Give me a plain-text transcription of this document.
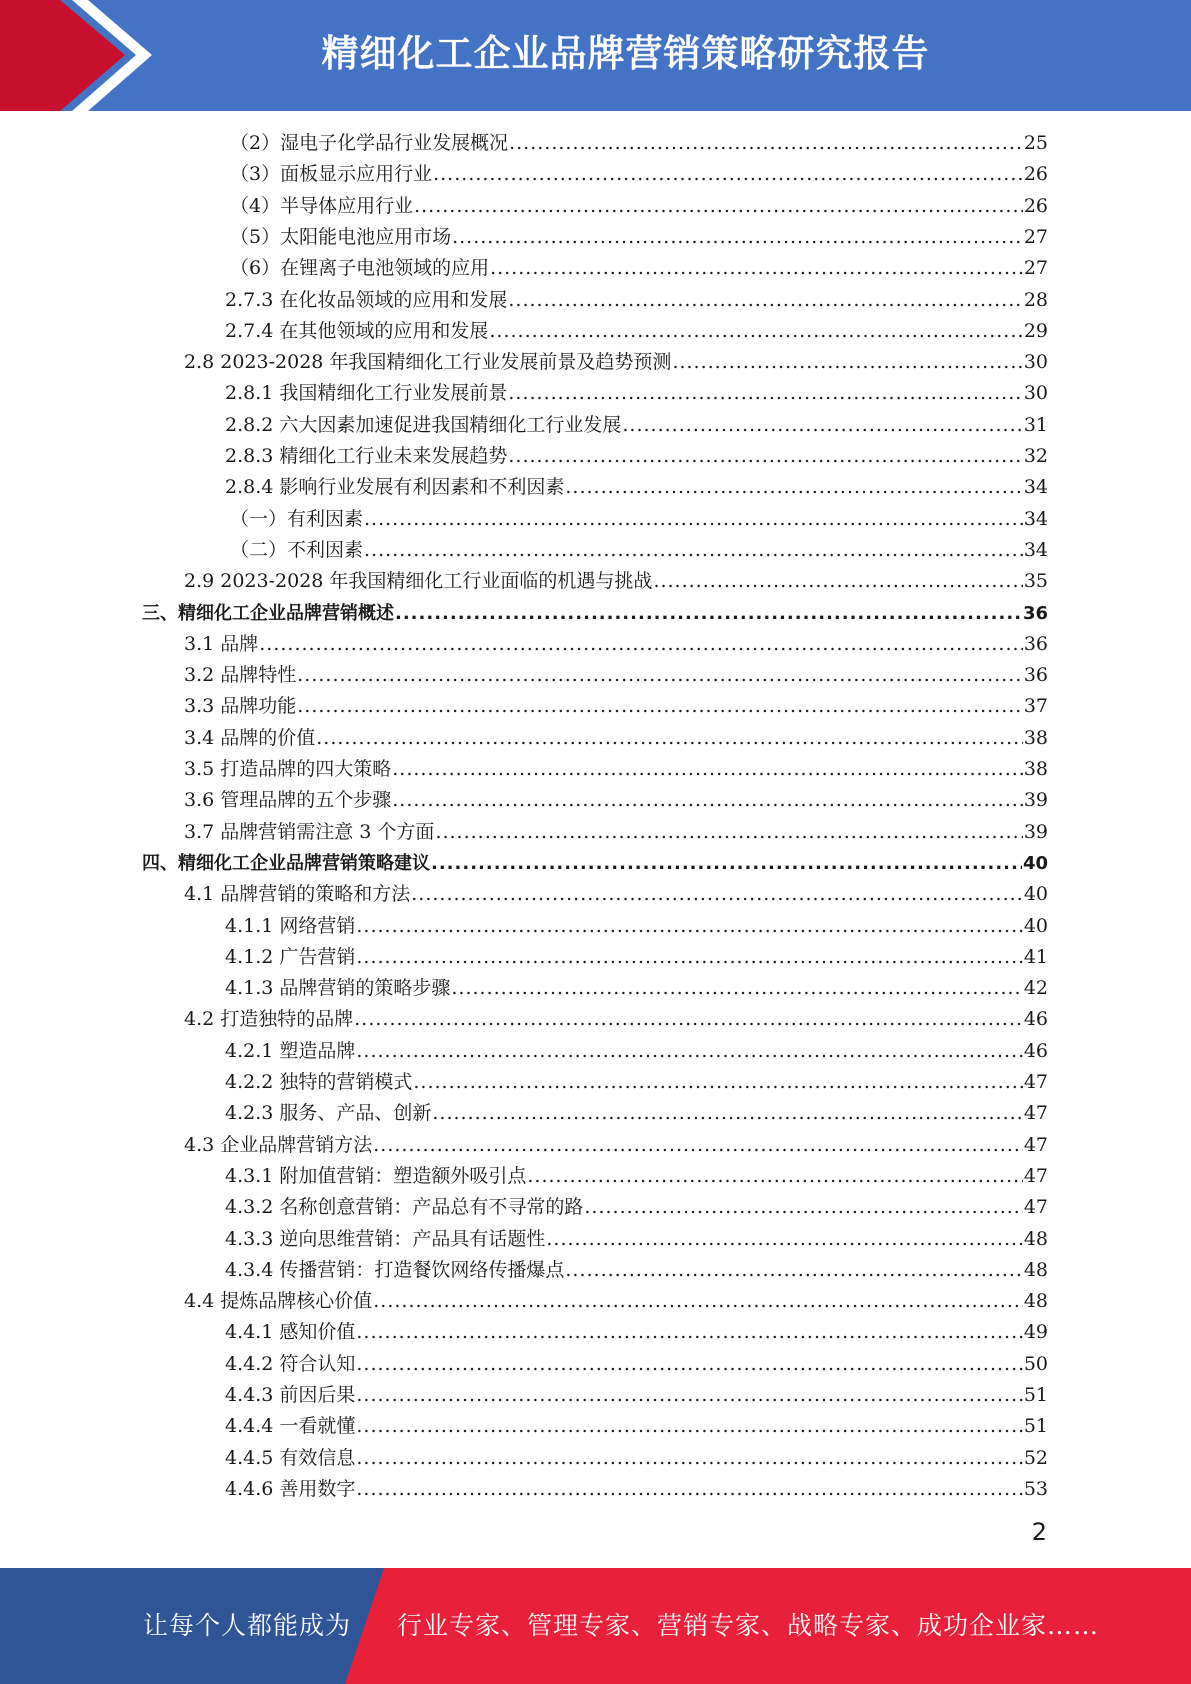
精细化工企业品牌营销策略研究报告
（2）湿电子化学品行业发展概况 .....	25
（3）面板显示应用行业 .....	26
（4）半导体应用行业 .....	26
（5）太阳能电池应用市场 .....	27
（6）在锂离子电池领域的应用 .....	27
2.7.3 在化妆品领域的应用和发展 .....	28
2.7.4 在其他领域的应用和发展 .....	29
2.8 2023-2028 年我国精细化工行业发展前景及趋势预测 .....	30
2.8.1 我国精细化工行业发展前景 .....	30
2.8.2 六大因素加速促进我国精细化工行业发展 .....	31
2.8.3 精细化工行业未来发展趋势 .....	32
2.8.4 影响行业发展有利因素和不利因素 .....	34
（一）有利因素 .....	34
（二）不利因素 .....	34
2.9 2023-2028 年我国精细化工行业面临的机遇与挑战 .....	35
三、精细化工企业品牌营销概述 .....	36
3.1 品牌 .....	36
3.2 品牌特性 .....	36
3.3 品牌功能 .....	37
3.4 品牌的价值 .....	38
3.5 打造品牌的四大策略 .....	38
3.6 管理品牌的五个步骤 .....	39
3.7 品牌营销需注意 3 个方面 .....	39
四、精细化工企业品牌营销策略建议 .....	40
4.1 品牌营销的策略和方法 .....	40
4.1.1 网络营销 .....	40
4.1.2 广告营销 .....	41
4.1.3 品牌营销的策略步骤 .....	42
4.2 打造独特的品牌 .....	46
4.2.1 塑造品牌 .....	46
4.2.2 独特的营销模式 .....	47
4.2.3 服务、产品、创新 .....	47
4.3 企业品牌营销方法 .....	47
4.3.1 附加值营销：塑造额外吸引点 .....	47
4.3.2 名称创意营销：产品总有不寻常的路 .....	47
4.3.3 逆向思维营销：产品具有话题性 .....	48
4.3.4 传播营销：打造餐饮网络传播爆点 .....	48
4.4 提炼品牌核心价值 .....	48
4.4.1 感知价值 .....	49
4.4.2 符合认知 .....	50
4.4.3 前因后果 .....	51
4.4.4 一看就懂 .....	51
4.4.5 有效信息 .....	52
4.4.6 善用数字 .....	53
2
让每个人都能成为 行业专家、管理专家、营销专家、战略专家、成功企业家……
